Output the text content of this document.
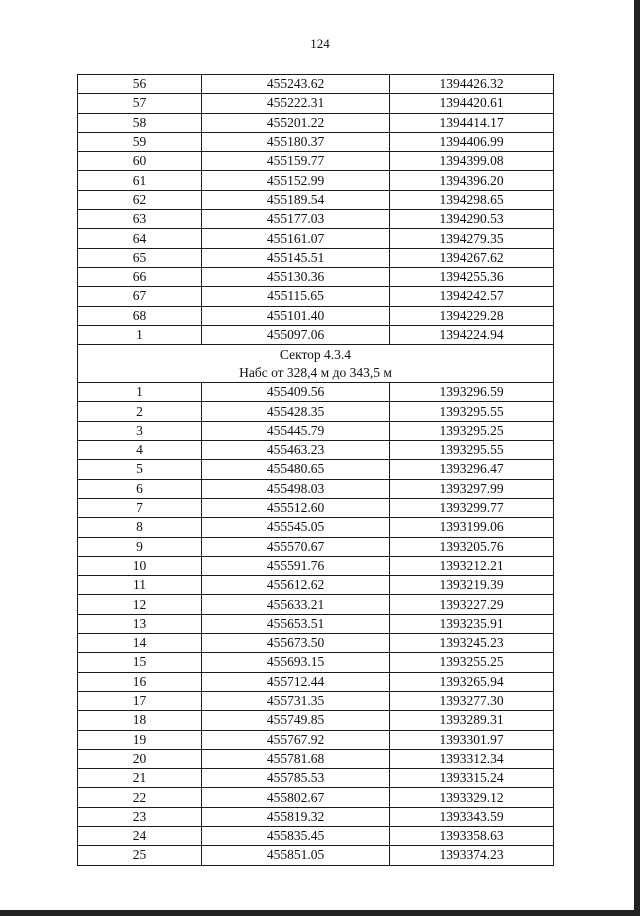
124
56	455243.62	1394426.32
57	455222.31	1394420.61
58	455201.22	1394414.17
59	455180.37	1394406.99
60	455159.77	1394399.08
61	455152.99	1394396.20
62	455189.54	1394298.65
63	455177.03	1394290.53
64	455161.07	1394279.35
65	455145.51	1394267.62
66	455130.36	1394255.36
67	455115.65	1394242.57
68	455101.40	1394229.28
1	455097.06	1394224.94

Сектор 4.3.4
Набс от 328,4 м до 343,5 м		

1	455409.56	1393296.59
2	455428.35	1393295.55
3	455445.79	1393295.25
4	455463.23	1393295.55
5	455480.65	1393296.47
6	455498.03	1393297.99
7	455512.60	1393299.77
8	455545.05	1393199.06
9	455570.67	1393205.76
10	455591.76	1393212.21
11	455612.62	1393219.39
12	455633.21	1393227.29
13	455653.51	1393235.91
14	455673.50	1393245.23
15	455693.15	1393255.25
16	455712.44	1393265.94
17	455731.35	1393277.30
18	455749.85	1393289.31
19	455767.92	1393301.97
20	455781.68	1393312.34
21	455785.53	1393315.24
22	455802.67	1393329.12
23	455819.32	1393343.59
24	455835.45	1393358.63
25	455851.05	1393374.23
